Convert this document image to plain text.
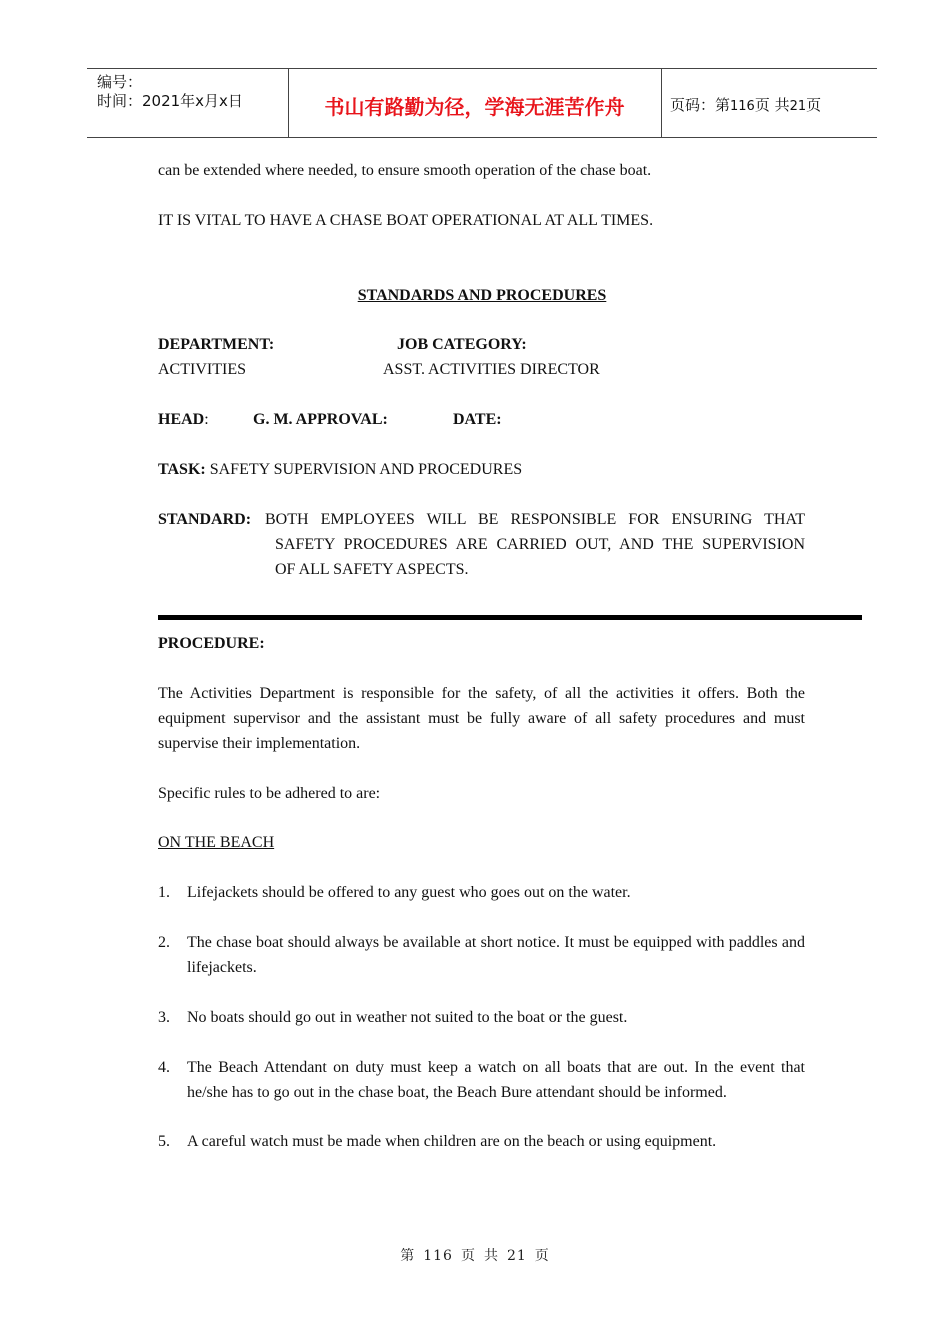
编号：
时间：2021年x月x日	书山有路勤为径，学海无涯苦作舟	页码：第116页 共21页
can be extended where needed, to ensure smooth operation of the chase boat.
IT IS VITAL TO HAVE A CHASE BOAT OPERATIONAL AT ALL TIMES.
STANDARDS AND PROCEDURES
DEPARTMENT:	JOB CATEGORY:
ACTIVITIES	ASST. ACTIVITIES DIRECTOR
HEAD:	G. M. APPROVAL:	DATE:
TASK: SAFETY SUPERVISION AND PROCEDURES
STANDARD: BOTH EMPLOYEES WILL BE RESPONSIBLE FOR ENSURING THAT
SAFETY PROCEDURES ARE CARRIED OUT, AND THE SUPERVISION
OF ALL SAFETY ASPECTS.
PROCEDURE:
The Activities Department is responsible for the safety, of all the activities it offers. Both the equipment supervisor and the assistant must be fully aware of all safety procedures and must supervise their implementation.
Specific rules to be adhered to are:
ON THE BEACH
1. Lifejackets should be offered to any guest who goes out on the water.
2. The chase boat should always be available at short notice. It must be equipped with paddles and lifejackets.
3. No boats should go out in weather not suited to the boat or the guest.
4. The Beach Attendant on duty must keep a watch on all boats that are out. In the event that he/she has to go out in the chase boat, the Beach Bure attendant should be informed.
5. A careful watch must be made when children are on the beach or using equipment.
第 116 页 共 21 页
